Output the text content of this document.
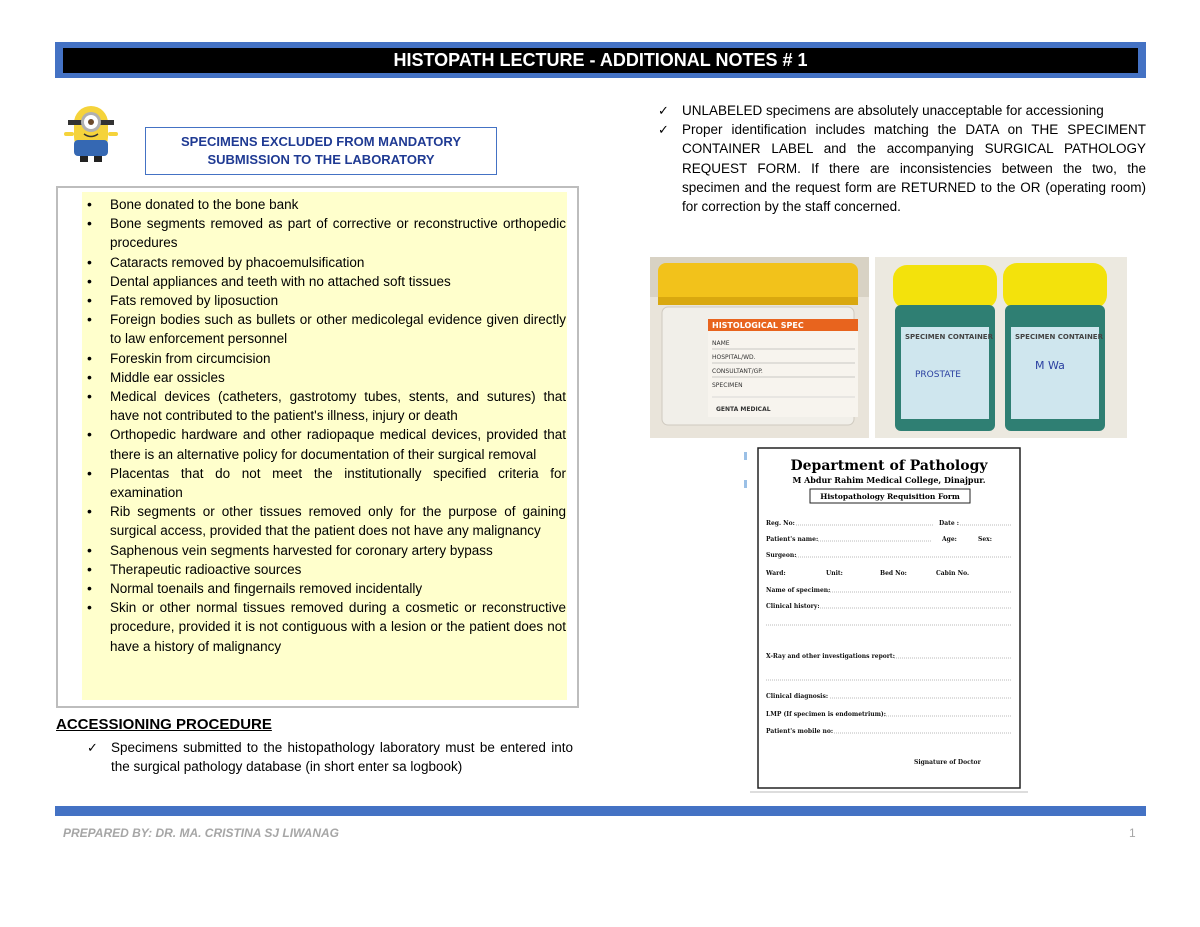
HISTOPATH LECTURE - ADDITIONAL NOTES # 1
SPECIMENS EXCLUDED FROM MANDATORY
SUBMISSION TO THE LABORATORY
• Bone donated to the bone bank
• Bone segments removed as part of corrective or reconstructive orthopedic procedures
• Cataracts removed by phacoemulsification
• Dental appliances and teeth with no attached soft tissues
• Fats removed by liposuction
• Foreign bodies such as bullets or other medicolegal evidence given directly to law enforcement personnel
• Foreskin from circumcision
• Middle ear ossicles
• Medical devices (catheters, gastrotomy tubes, stents, and sutures) that have not contributed to the patient's illness, injury or death
• Orthopedic hardware and other radiopaque medical devices, provided that there is an alternative policy for documentation of their surgical removal
• Placentas that do not meet the institutionally specified criteria for examination
• Rib segments or other tissues removed only for the purpose of gaining surgical access, provided that the patient does not have any malignancy
• Saphenous vein segments harvested for coronary artery bypass
• Therapeutic radioactive sources
• Normal toenails and fingernails removed incidentally
• Skin or other normal tissues removed during a cosmetic or reconstructive procedure, provided it is not contiguous with a lesion or the patient does not have a history of malignancy
ACCESSIONING PROCEDURE
✓ Specimens submitted to the histopathology laboratory must be entered into the surgical pathology database (in short enter sa logbook)
✓ UNLABELED specimens are absolutely unacceptable for accessioning
✓ Proper identification includes matching the DATA on THE SPECIMENT CONTAINER LABEL and the accompanying SURGICAL PATHOLOGY REQUEST FORM. If there are inconsistencies between the two, the specimen and the request form are RETURNED to the OR (operating room) for correction by the staff concerned.
HISTOLOGICAL SPEC
NAME
HOSPITAL/WD.
CONSULTANT/GP.
SPECIMEN
GENTA MEDICAL
SPECIMEN CONTAINER
PROSTATE
SPECIMEN CONTAINER
M Wa
Department of Pathology
M Abdur Rahim Medical College, Dinajpur.
Histopathology Requisition Form
Reg. No:	Date :
Patient's name:	Age:	Sex:
Surgeon:
Ward:	Unit:	Bed No:	Cabin No.
Name of specimen:
Clinical history:
X-Ray and other investigations report:
Clinical diagnosis:
LMP (If specimen is endometrium):
Patient's mobile no:
Signature of Doctor
PREPARED BY: DR. MA. CRISTINA SJ LIWANAG	1
